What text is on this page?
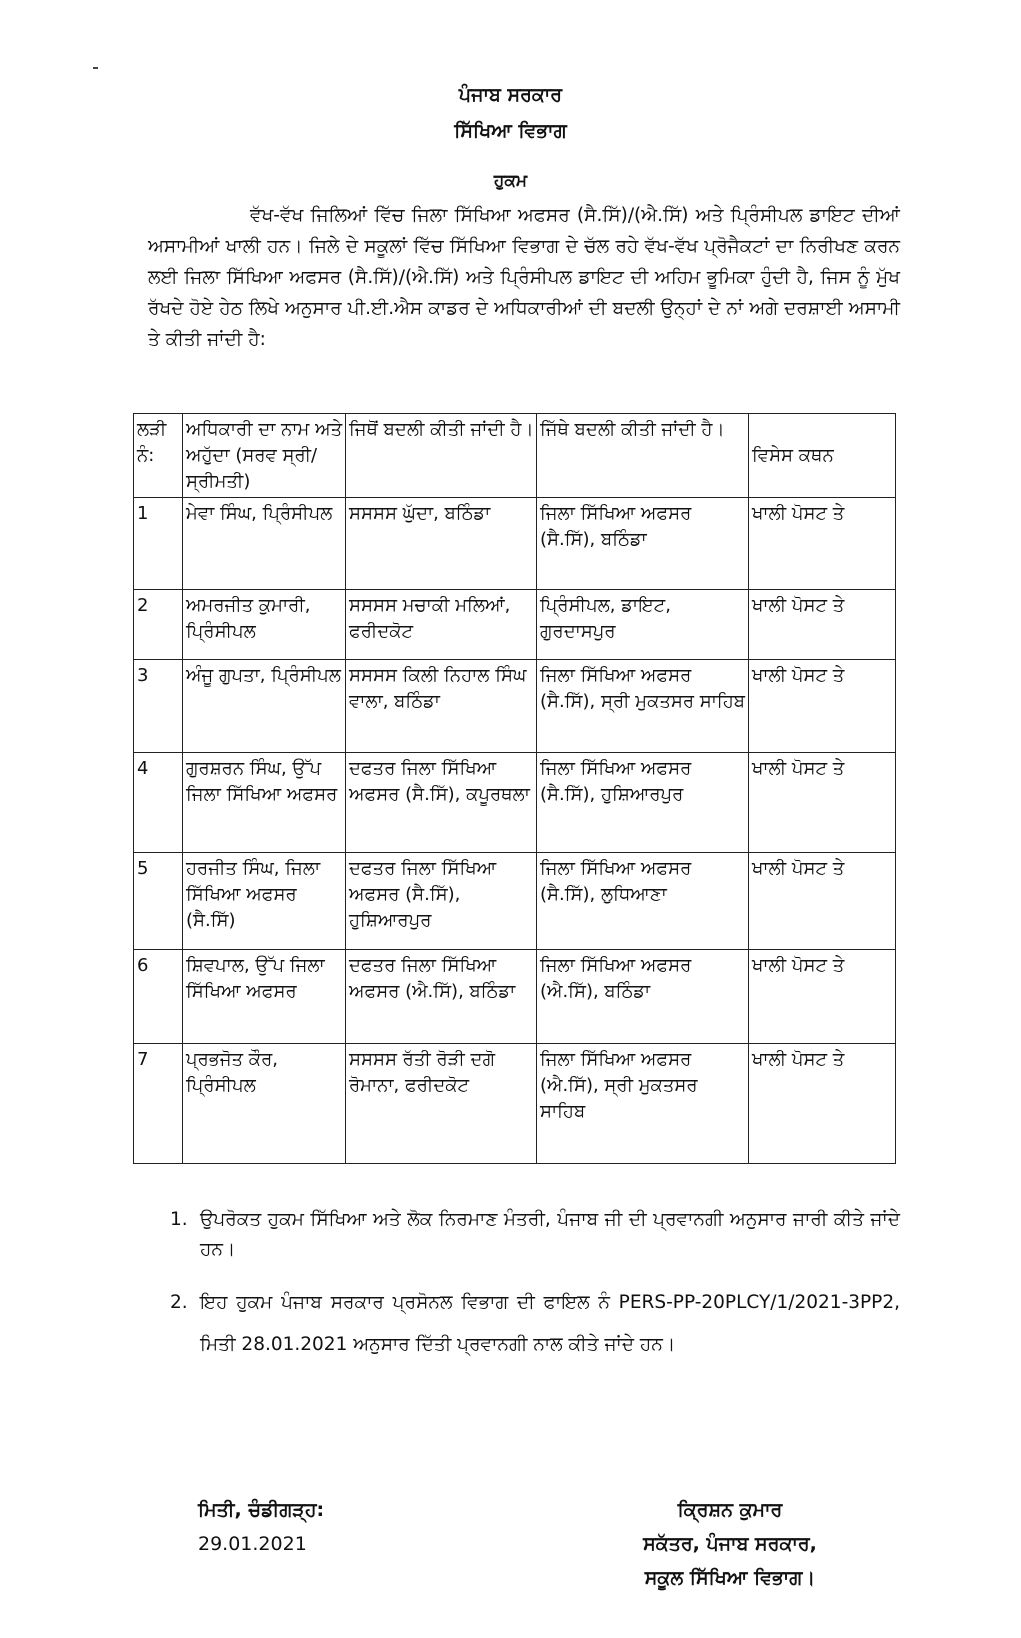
ਪੰਜਾਬ ਸਰਕਾਰ
ਸਿੱਖਿਆ ਵਿਭਾਗ
ਹੁਕਮ
ਵੱਖ-ਵੱਖ ਜਿਲਿਆਂ ਵਿੱਚ ਜਿਲਾ ਸਿੱਖਿਆ ਅਫਸਰ (ਸੈ.ਸਿੱ)/(ਐ.ਸਿੱ) ਅਤੇ ਪ੍ਰਿੰਸੀਪਲ ਡਾਇਟ ਦੀਆਂ ਅਸਾਮੀਆਂ ਖਾਲੀ ਹਨ। ਜਿਲੇ ਦੇ ਸਕੂਲਾਂ ਵਿੱਚ ਸਿੱਖਿਆ ਵਿਭਾਗ ਦੇ ਚੱਲ ਰਹੇ ਵੱਖ-ਵੱਖ ਪ੍ਰੋਜੈਕਟਾਂ ਦਾ ਨਿਰੀਖਣ ਕਰਨ ਲਈ ਜਿਲਾ ਸਿੱਖਿਆ ਅਫਸਰ (ਸੈ.ਸਿੱ)/(ਐ.ਸਿੱ) ਅਤੇ ਪ੍ਰਿੰਸੀਪਲ ਡਾਇਟ ਦੀ ਅਹਿਮ ਭੂਮਿਕਾ ਹੁੰਦੀ ਹੈ, ਜਿਸ ਨੂੰ ਮੁੱਖ ਰੱਖਦੇ ਹੋਏ ਹੇਠ ਲਿਖੇ ਅਨੁਸਾਰ ਪੀ.ਈ.ਐਸ ਕਾਡਰ ਦੇ ਅਧਿਕਾਰੀਆਂ ਦੀ ਬਦਲੀ ਉਨ੍ਹਾਂ ਦੇ ਨਾਂ ਅਗੇ ਦਰਸ਼ਾਈ ਅਸਾਮੀ ਤੇ ਕੀਤੀ ਜਾਂਦੀ ਹੈ:
ਲੜੀ ਨੰ:	ਅਧਿਕਾਰੀ ਦਾ ਨਾਮ ਅਤੇ ਅਹੁੱਦਾ (ਸਰਵ ਸ੍ਰੀ/ਸ੍ਰੀਮਤੀ)	ਜਿਥੋਂ ਬਦਲੀ ਕੀਤੀ ਜਾਂਦੀ ਹੈ।	ਜਿੱਥੇ ਬਦਲੀ ਕੀਤੀ ਜਾਂਦੀ ਹੈ।	ਵਿਸੇਸ ਕਥਨ
1	ਮੇਵਾ ਸਿੰਘ, ਪ੍ਰਿੰਸੀਪਲ	ਸਸਸਸ ਘੁੱਦਾ, ਬਠਿੰਡਾ	ਜਿਲਾ ਸਿੱਖਿਆ ਅਫਸਰ (ਸੈ.ਸਿੱ), ਬਠਿੰਡਾ	ਖਾਲੀ ਪੋਸਟ ਤੇ
2	ਅਮਰਜੀਤ ਕੁਮਾਰੀ, ਪ੍ਰਿੰਸੀਪਲ	ਸਸਸਸ ਮਚਾਕੀ ਮਲਿਆਂ, ਫਰੀਦਕੋਟ	ਪ੍ਰਿੰਸੀਪਲ, ਡਾਇਟ, ਗੁਰਦਾਸਪੁਰ	ਖਾਲੀ ਪੋਸਟ ਤੇ
3	ਅੰਜੂ ਗੁਪਤਾ, ਪ੍ਰਿੰਸੀਪਲ	ਸਸਸਸ ਕਿਲੀ ਨਿਹਾਲ ਸਿੰਘ ਵਾਲਾ, ਬਠਿੰਡਾ	ਜਿਲਾ ਸਿੱਖਿਆ ਅਫਸਰ (ਸੈ.ਸਿੱ), ਸ੍ਰੀ ਮੁਕਤਸਰ ਸਾਹਿਬ	ਖਾਲੀ ਪੋਸਟ ਤੇ
4	ਗੁਰਸ਼ਰਨ ਸਿੰਘ, ਉੱਪ ਜਿਲਾ ਸਿੱਖਿਆ ਅਫਸਰ	ਦਫਤਰ ਜਿਲਾ ਸਿੱਖਿਆ ਅਫਸਰ (ਸੈ.ਸਿੱ), ਕਪੂਰਥਲਾ	ਜਿਲਾ ਸਿੱਖਿਆ ਅਫਸਰ (ਸੈ.ਸਿੱ), ਹੁਸ਼ਿਆਰਪੁਰ	ਖਾਲੀ ਪੋਸਟ ਤੇ
5	ਹਰਜੀਤ ਸਿੰਘ, ਜਿਲਾ ਸਿੱਖਿਆ ਅਫਸਰ (ਸੈ.ਸਿੱ)	ਦਫਤਰ ਜਿਲਾ ਸਿੱਖਿਆ ਅਫਸਰ (ਸੈ.ਸਿੱ), ਹੁਸ਼ਿਆਰਪੁਰ	ਜਿਲਾ ਸਿੱਖਿਆ ਅਫਸਰ (ਸੈ.ਸਿੱ), ਲੁਧਿਆਣਾ	ਖਾਲੀ ਪੋਸਟ ਤੇ
6	ਸ਼ਿਵਪਾਲ, ਉੱਪ ਜਿਲਾ ਸਿੱਖਿਆ ਅਫਸਰ	ਦਫਤਰ ਜਿਲਾ ਸਿੱਖਿਆ ਅਫਸਰ (ਐ.ਸਿੱ), ਬਠਿੰਡਾ	ਜਿਲਾ ਸਿੱਖਿਆ ਅਫਸਰ (ਐ.ਸਿੱ), ਬਠਿੰਡਾ	ਖਾਲੀ ਪੋਸਟ ਤੇ
7	ਪ੍ਰਭਜੋਤ ਕੌਰ, ਪ੍ਰਿੰਸੀਪਲ	ਸਸਸਸ ਰੱਤੀ ਰੋੜੀ ਦਗੋ ਰੋਮਾਨਾ, ਫਰੀਦਕੋਟ	ਜਿਲਾ ਸਿੱਖਿਆ ਅਫਸਰ (ਐ.ਸਿੱ), ਸ੍ਰੀ ਮੁਕਤਸਰ ਸਾਹਿਬ	ਖਾਲੀ ਪੋਸਟ ਤੇ
1. ਉਪਰੋਕਤ ਹੁਕਮ ਸਿੱਖਿਆ ਅਤੇ ਲੋਕ ਨਿਰਮਾਣ ਮੰਤਰੀ, ਪੰਜਾਬ ਜੀ ਦੀ ਪ੍ਰਵਾਨਗੀ ਅਨੁਸਾਰ ਜਾਰੀ ਕੀਤੇ ਜਾਂਦੇ ਹਨ।
2. ਇਹ ਹੁਕਮ ਪੰਜਾਬ ਸਰਕਾਰ ਪ੍ਰਸੋਨਲ ਵਿਭਾਗ ਦੀ ਫਾਇਲ ਨੰ PERS-PP-20PLCY/1/2021-3PP2, ਮਿਤੀ 28.01.2021 ਅਨੁਸਾਰ ਦਿੱਤੀ ਪ੍ਰਵਾਨਗੀ ਨਾਲ ਕੀਤੇ ਜਾਂਦੇ ਹਨ।
ਮਿਤੀ, ਚੰਡੀਗੜ੍ਹ:
29.01.2021
ਕ੍ਰਿਸ਼ਨ ਕੁਮਾਰ
ਸਕੱਤਰ, ਪੰਜਾਬ ਸਰਕਾਰ,
ਸਕੂਲ ਸਿੱਖਿਆ ਵਿਭਾਗ।
